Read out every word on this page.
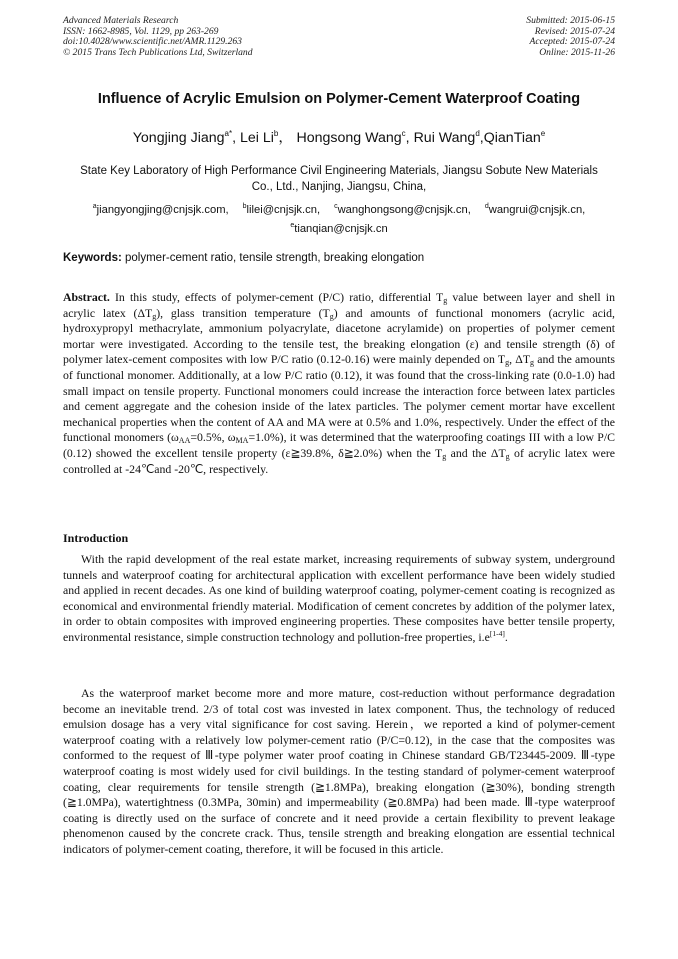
Advanced Materials Research
ISSN: 1662-8985, Vol. 1129, pp 263-269
doi:10.4028/www.scientific.net/AMR.1129.263
© 2015 Trans Tech Publications Ltd, Switzerland
Submitted: 2015-06-15
Revised: 2015-07-24
Accepted: 2015-07-24
Online: 2015-11-26
Influence of Acrylic Emulsion on Polymer-Cement Waterproof Coating
Yongjing Jiang$^{a*}$, Lei Li$^b$， Hongsong Wang$^c$, Rui Wang$^d$,QianTian$^e$
State Key Laboratory of High Performance Civil Engineering Materials, Jiangsu Sobute New Materials Co., Ltd., Nanjing, Jiangsu, China,
$^a$jiangyongjing@cnjsjk.com, $^b$lilei@cnjsjk.cn, $^c$wanghongsong@cnjsjk.cn, $^d$wangrui@cnjsjk.cn,
$^e$tianqian@cnjsjk.cn
Keywords: polymer-cement ratio, tensile strength, breaking elongation
Abstract. In this study, effects of polymer-cement (P/C) ratio, differential $T_g$ value between layer and shell in acrylic latex $(\Delta T_g)$, glass transition temperature $(T_g)$ and amounts of functional monomers (acrylic acid, hydroxypropyl methacrylate, ammonium polyacrylate, diacetone acrylamide) on properties of polymer cement mortar were investigated. According to the tensile test, the breaking elongation (ε) and tensile strength (δ) of polymer latex-cement composites with low P/C ratio (0.12-0.16) were mainly depended on $T_g$, $\Delta T_g$ and the amounts of functional monomer. Additionally, at a low P/C ratio (0.12), it was found that the cross-linking rate (0.0-1.0) had small impact on tensile property. Functional monomers could increase the interaction force between latex particles and cement aggregate and the cohesion inside of the latex particles. The polymer cement mortar have excellent mechanical properties when the content of AA and MA were at 0.5% and 1.0%, respectively. Under the effect of the functional monomers ($\omega_{AA}=0.5\%$, $\omega_{MA}=1.0\%$), it was determined that the waterproofing coatings III with a low P/C (0.12) showed the excellent tensile property (ε≧39.8%, δ≧2.0%) when the $T_g$ and the $\Delta T_g$ of acrylic latex were controlled at -24℃and -20℃, respectively.
Introduction

With the rapid development of the real estate market, increasing requirements of subway system, underground tunnels and waterproof coating for architectural application with excellent performance have been widely studied and applied in recent decades. As one kind of building waterproof coating, polymer-cement coating is recognized as economical and environmental friendly material. Modification of cement concretes by addition of the polymer latex, in order to obtain composites with improved engineering properties. These composites have better tensile property, environmental resistance, simple construction technology and pollution-free properties, i.e[1-4].

As the waterproof market become more and more mature, cost-reduction without performance degradation become an inevitable trend. 2/3 of total cost was invested in latex component. Thus, the technology of reduced emulsion dosage has a very vital significance for cost saving. Herein，we reported a kind of polymer-cement waterproof coating with a relatively low polymer-cement ratio (P/C=0.12), in the case that the composites was conformed to the request of Ⅲ-type polymer water proof coating in Chinese standard GB/T23445-2009. Ⅲ-type waterproof coating is most widely used for civil buildings. In the testing standard of polymer-cement waterproof coating, clear requirements for tensile strength (≧1.8MPa), breaking elongation (≧30%), bonding strength (≧1.0MPa), watertightness (0.3MPa, 30min) and impermeability (≧0.8MPa) had been made. Ⅲ-type waterproof coating is directly used on the surface of concrete and it need provide a certain flexibility to prevent leakage phenomenon caused by the concrete crack. Thus, tensile strength and breaking elongation are essential technical indicators of polymer-cement coating, therefore, it will be focused in this article.
